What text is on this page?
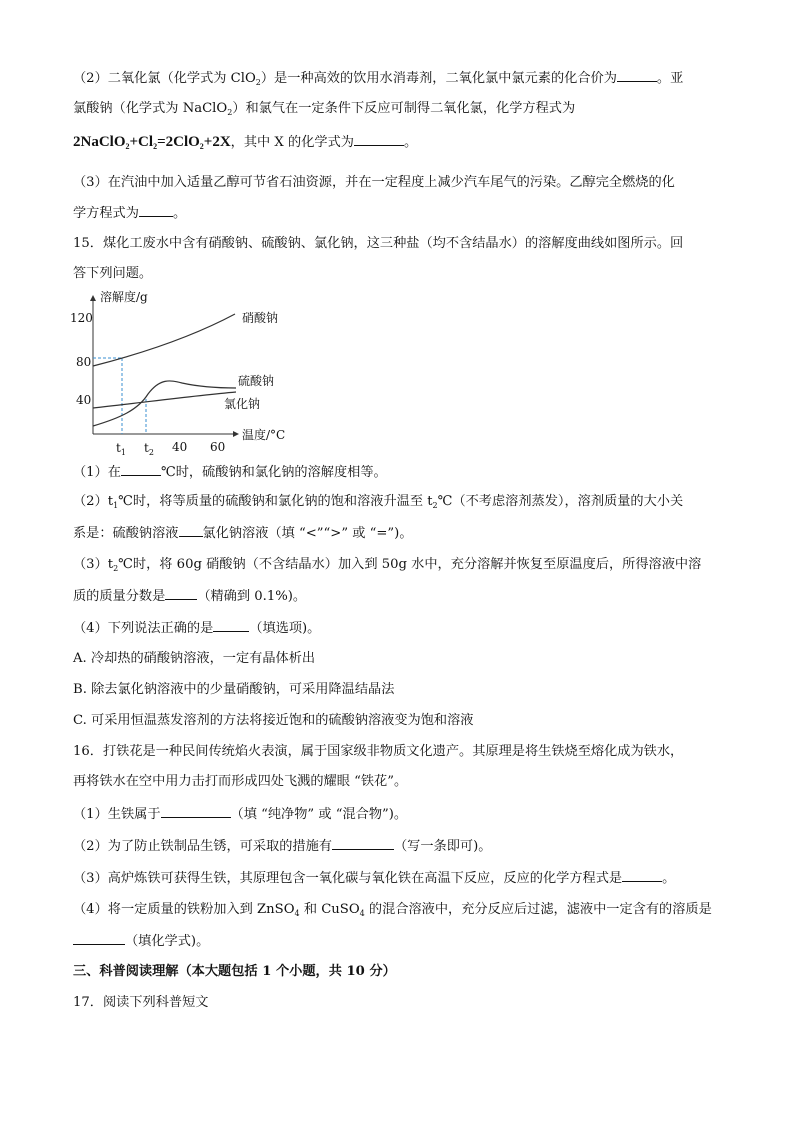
（2）二氧化氯（化学式为 ClO$_2$）是一种高效的饮用水消毒剂，二氧化氯中氯元素的化合价为	。亚
氯酸钠（化学式为 NaClO$_2$）和氯气在一定条件下反应可制得二氧化氯，化学方程式为
$2NaClO_2+Cl_2=2ClO_2+2X$，其中 X 的化学式为	。
（3）在汽油中加入适量乙醇可节省石油资源，并在一定程度上减少汽车尾气的污染。乙醇完全燃烧的化
学方程式为	。
15．煤化工废水中含有硝酸钠、硫酸钠、氯化钠，这三种盐（均不含结晶水）的溶解度曲线如图所示。回
答下列问题。
溶解度/g
温度/°C
120
80
40
$t_1$ $t_2$ 40 60
硝酸钠
硫酸钠
氯化钠
（1）在	℃时，硫酸钠和氯化钠的溶解度相等。
$(2)t_1℃$时，将等质量的硫酸钠和氯化钠的饱和溶液升温至 $t_2℃$（不考虑溶剂蒸发），溶剂质量的大小关
系是：硫酸钠溶液 氯化钠溶液（填 “<”“>” 或 “=”)。
$(3)t_2℃$时，将 60g 硝酸钠（不含结晶水）加入到 50g 水中，充分溶解并恢复至原温度后，所得溶液中溶
质的质量分数是 （精确到 0.1%)。
（4）下列说法正确的是	（填选项)。
A. 冷却热的硝酸钠溶液，一定有晶体析出
B. 除去氯化钠溶液中的少量硝酸钠，可采用降温结晶法
C. 可采用恒温蒸发溶剂的方法将接近饱和的硫酸钠溶液变为饱和溶液
16．打铁花是一种民间传统焰火表演，属于国家级非物质文化遗产。其原理是将生铁烧至熔化成为铁水，
再将铁水在空中用力击打而形成四处飞溅的耀眼 “铁花”。
（1）生铁属于	（填 “纯净物” 或 “混合物”)。
（2）为了防止铁制品生锈，可采取的措施有	（写一条即可)。
（3）高炉炼铁可获得生铁，其原理包含一氧化碳与氧化铁在高温下反应，反应的化学方程式是	。
（4）将一定质量的铁粉加入到 ZnSO$_4$ 和 CuSO$_4$ 的混合溶液中，充分反应后过滤，滤液中一定含有的溶质是
（填化学式)。
三、科普阅读理解（本大题包括 1 个小题，共 10 分）
17．阅读下列科普短文
